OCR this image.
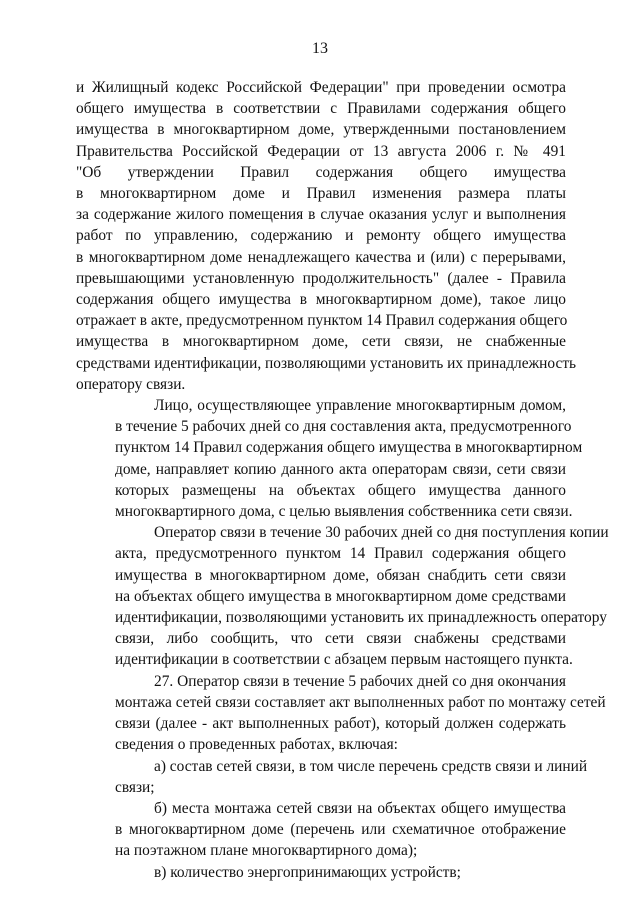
13

и Жилищный кодекс Российской Федерации" при проведении осмотра
общего имущества в соответствии с Правилами содержания общего
имущества в многоквартирном доме, утвержденными постановлением
Правительства Российской Федерации от 13 августа 2006 г. № 491
"Об утверждении Правил содержания общего имущества
в многоквартирном доме и Правил изменения размера платы
за содержание жилого помещения в случае оказания услуг и выполнения
работ по управлению, содержанию и ремонту общего имущества
в многоквартирном доме ненадлежащего качества и (или) с перерывами,
превышающими установленную продолжительность" (далее - Правила
содержания общего имущества в многоквартирном доме), такое лицо
отражает в акте, предусмотренном пунктом 14 Правил содержания общего
имущества в многоквартирном доме, сети связи, не снабженные
средствами идентификации, позволяющими установить их принадлежность
оператору связи.

Лицо, осуществляющее управление многоквартирным домом,
в течение 5 рабочих дней со дня составления акта, предусмотренного
пунктом 14 Правил содержания общего имущества в многоквартирном
доме, направляет копию данного акта операторам связи, сети связи
которых размещены на объектах общего имущества данного
многоквартирного дома, с целью выявления собственника сети связи.

Оператор связи в течение 30 рабочих дней со дня поступления копии
акта, предусмотренного пунктом 14 Правил содержания общего
имущества в многоквартирном доме, обязан снабдить сети связи
на объектах общего имущества в многоквартирном доме средствами
идентификации, позволяющими установить их принадлежность оператору
связи, либо сообщить, что сети связи снабжены средствами
идентификации в соответствии с абзацем первым настоящего пункта.

27. Оператор связи в течение 5 рабочих дней со дня окончания
монтажа сетей связи составляет акт выполненных работ по монтажу сетей
связи (далее - акт выполненных работ), который должен содержать
сведения о проведенных работах, включая:

а) состав сетей связи, в том числе перечень средств связи и линий
связи;

б) места монтажа сетей связи на объектах общего имущества
в многоквартирном доме (перечень или схематичное отображение
на поэтажном плане многоквартирного дома);

в) количество энергопринимающих устройств;
